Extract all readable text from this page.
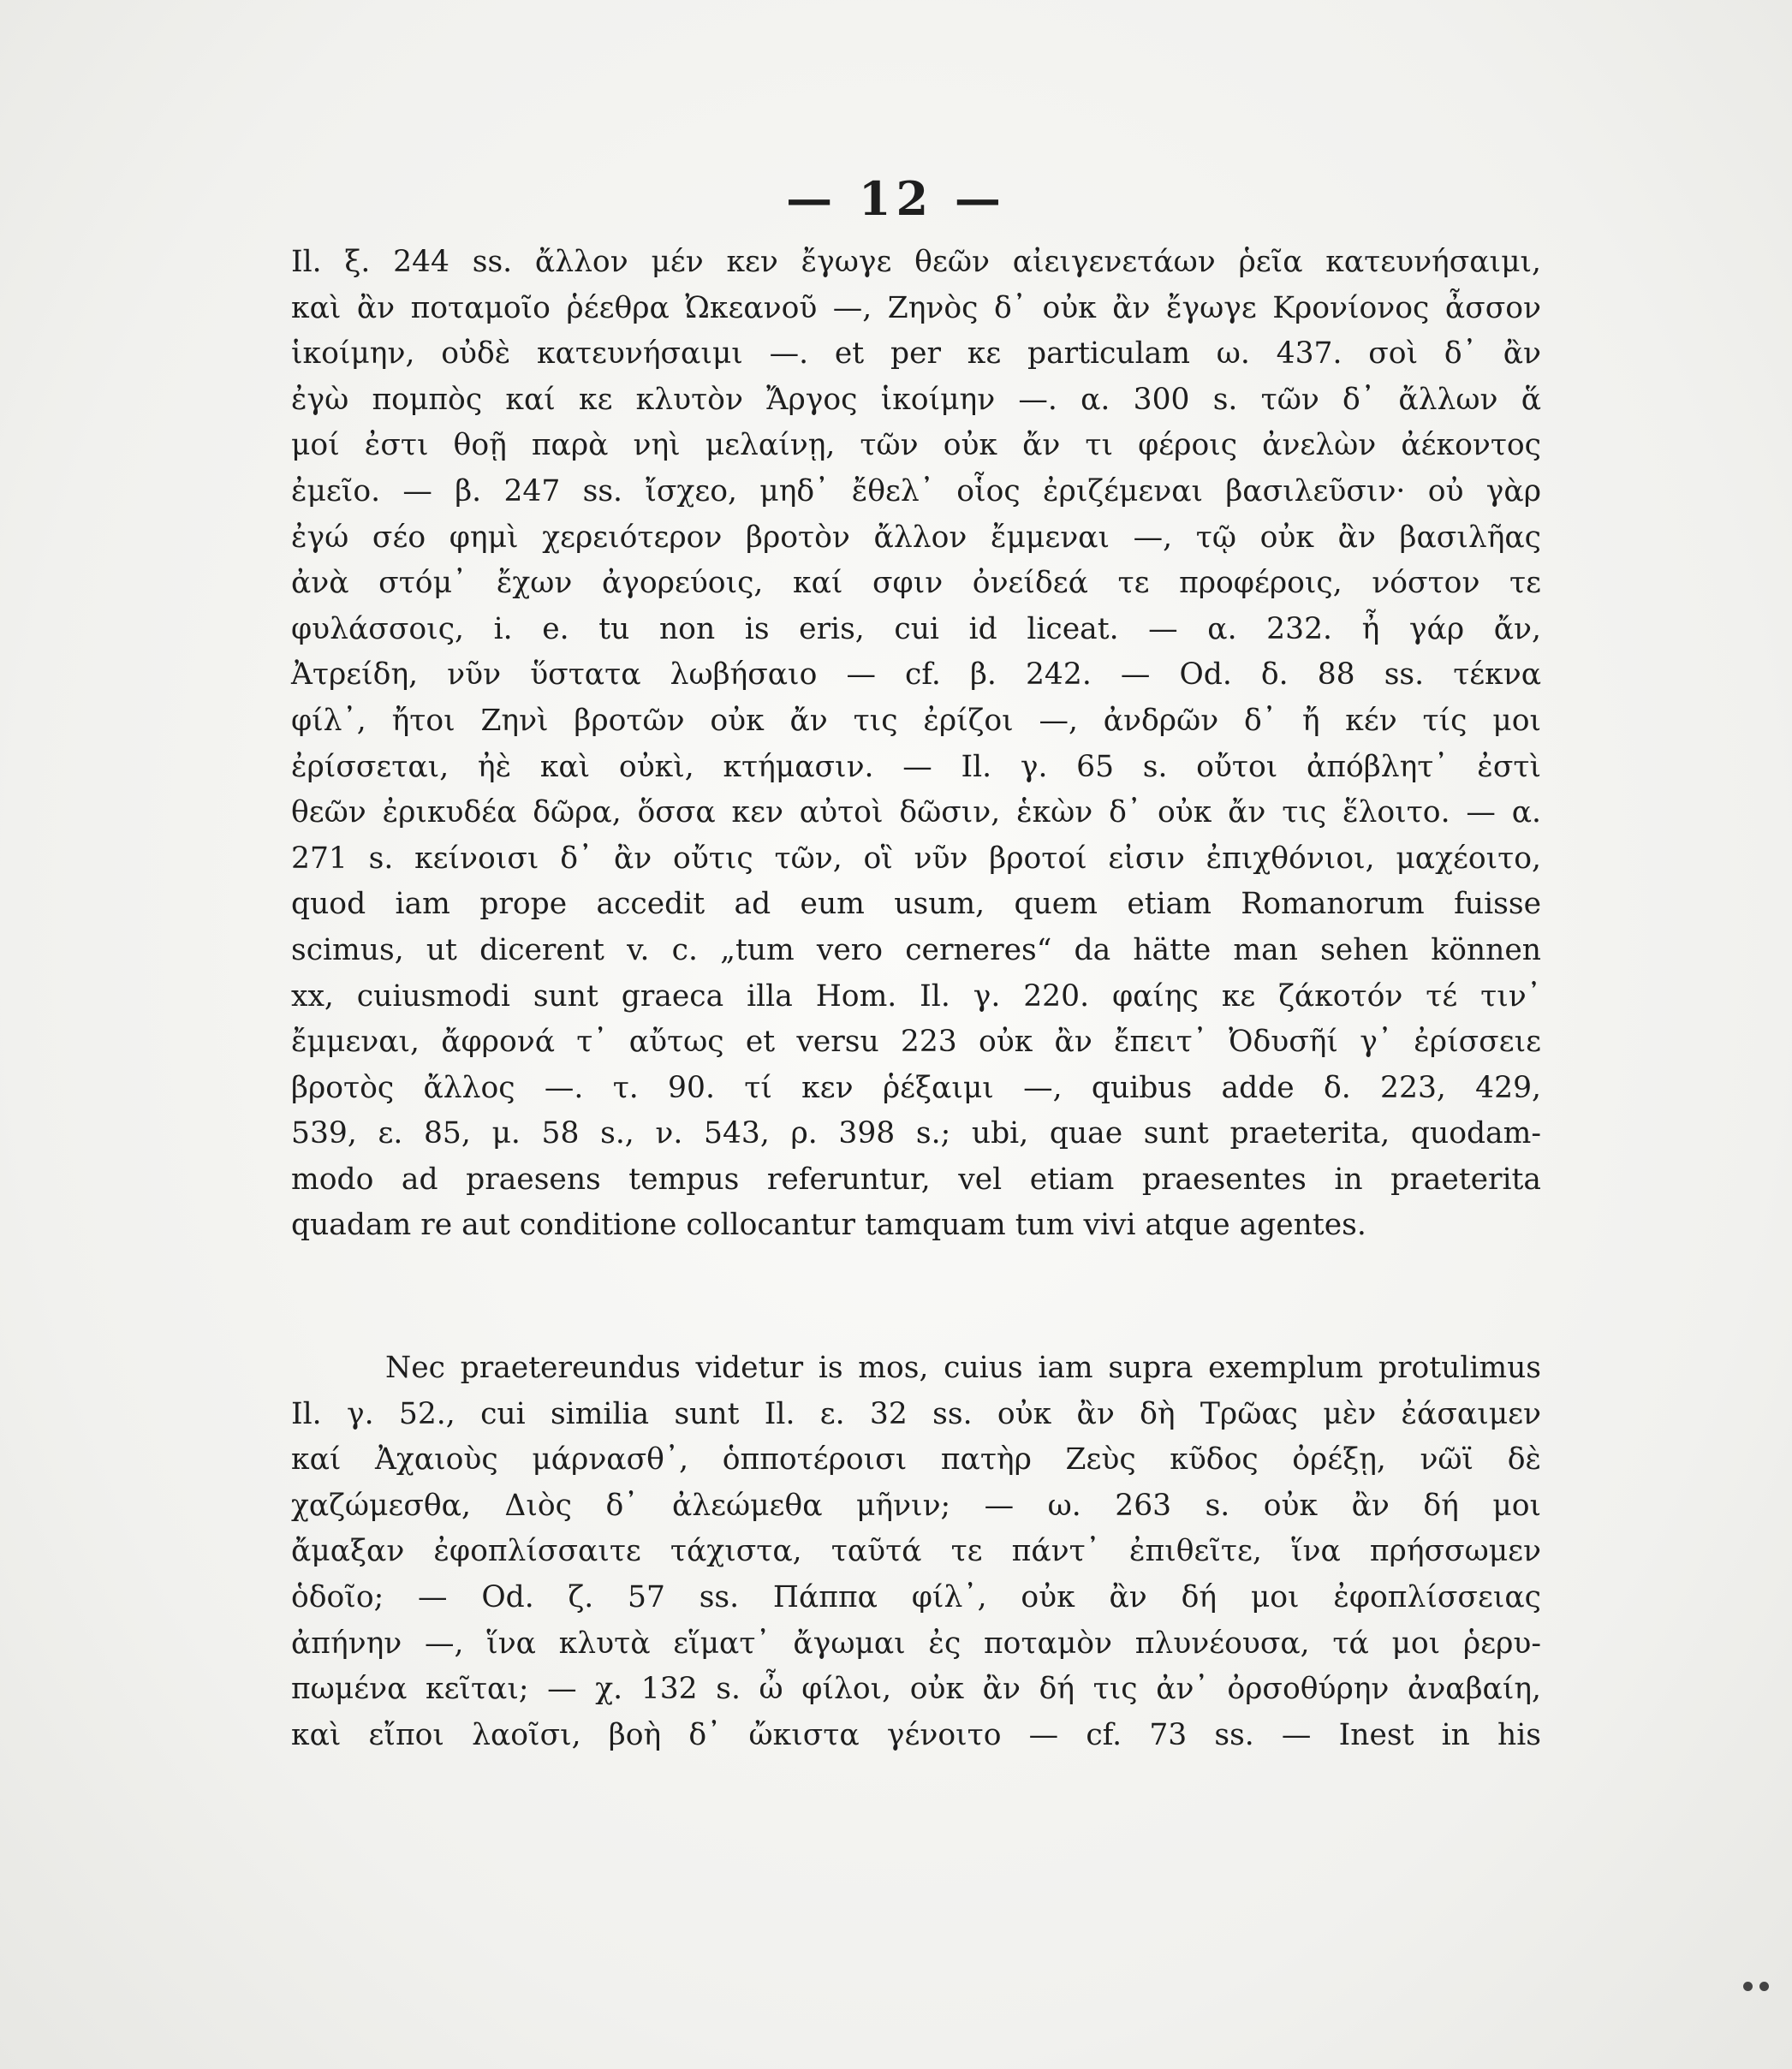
— 12 —
Il. ξ. 244 ss. ἄλλον μέν κεν ἔγωγε θεῶν αἰειγενετάων ῥεῖα κατευνήσαιμι,
καὶ ἂν ποταμοῖο ῥέεθρα Ὠκεανοῦ —, Ζηνὸς δ᾽ οὐκ ἂν ἔγωγε Κρονίονος ἆσσον
ἱκοίμην, οὐδὲ κατευνήσαιμι —. et per κε particulam ω. 437. σοὶ δ᾽ ἂν
ἐγὼ πομπὸς καί κε κλυτὸν Ἄργος ἱκοίμην —. α. 300 s. τῶν δ᾽ ἄλλων ἅ
μοί ἐστι θοῇ παρὰ νηὶ μελαίνῃ, τῶν οὐκ ἄν τι φέροις ἀνελὼν ἀέκοντος
ἐμεῖο. — β. 247 ss. ἴσχεο, μηδ᾽ ἔθελ᾽ οἷος ἐριζέμεναι βασιλεῦσιν· οὐ γὰρ
ἐγώ σέο φημὶ χερειότερον βροτὸν ἄλλον ἔμμεναι —, τῷ οὐκ ἂν βασιλῆας
ἀνὰ στόμ᾽ ἔχων ἀγορεύοις, καί σφιν ὀνείδεά τε προφέροις, νόστον τε
φυλάσσοις, i. e. tu non is eris, cui id liceat. — α. 232. ἦ γάρ ἄν,
Ἀτρείδη, νῦν ὕστατα λωβήσαιο — cf. β. 242. — Od. δ. 88 ss. τέκνα
φίλ᾽, ἤτοι Ζηνὶ βροτῶν οὐκ ἄν τις ἐρίζοι —, ἀνδρῶν δ᾽ ἤ κέν τίς μοι
ἐρίσσεται, ἠὲ καὶ οὐκὶ, κτήμασιν. — Il. γ. 65 s. οὔτοι ἀπόβλητ᾽ ἐστὶ
θεῶν ἐρικυδέα δῶρα, ὅσσα κεν αὐτοὶ δῶσιν, ἑκὼν δ᾽ οὐκ ἄν τις ἕλοιτο. — α.
271 s. κείνοισι δ᾽ ἂν οὔτις τῶν, οἳ νῦν βροτοί εἰσιν ἐπιχθόνιοι, μαχέοιτο,
quod iam prope accedit ad eum usum, quem etiam Romanorum fuisse
scimus, ut dicerent v. c. „tum vero cerneres“ da hätte man sehen können
xx, cuiusmodi sunt graeca illa Hom. Il. γ. 220. φαίης κε ζάκοτόν τέ τιν᾽
ἔμμεναι, ἄφρονά τ᾽ αὔτως et versu 223 οὐκ ἂν ἔπειτ᾽ Ὀδυσῆί γ᾽ ἐρίσσειε
βροτὸς ἄλλος —. τ. 90. τί κεν ῥέξαιμι —, quibus adde δ. 223, 429,
539, ε. 85, μ. 58 s., ν. 543, ρ. 398 s.; ubi, quae sunt praeterita, quodam-
modo ad praesens tempus referuntur, vel etiam praesentes in praeterita
quadam re aut conditione collocantur tamquam tum vivi atque agentes.
Nec praetereundus videtur is mos, cuius iam supra exemplum protulimus
Il. γ. 52., cui similia sunt Il. ε. 32 ss. οὐκ ἂν δὴ Τρῶας μὲν ἐάσαιμεν
καί Ἀχαιοὺς μάρνασθ᾽, ὁπποτέροισι πατὴρ Ζεὺς κῦδος ὀρέξῃ, νῶϊ δὲ
χαζώμεσθα, Διὸς δ᾽ ἀλεώμεθα μῆνιν; — ω. 263 s. οὐκ ἂν δή μοι
ἄμαξαν ἐφοπλίσσαιτε τάχιστα, ταῦτά τε πάντ᾽ ἐπιθεῖτε, ἵνα πρήσσωμεν
ὁδοῖο; — Od. ζ. 57 ss. Πάππα φίλ᾽, οὐκ ἂν δή μοι ἐφοπλίσσειας
ἀπήνην —, ἵνα κλυτὰ εἵματ᾽ ἄγωμαι ἐς ποταμὸν πλυνέουσα, τά μοι ῥερυ-
πωμένα κεῖται; — χ. 132 s. ὦ φίλοι, οὐκ ἂν δή τις ἀν᾽ ὀρσοθύρην ἀναβαίη,
καὶ εἴποι λαοῖσι, βοὴ δ᾽ ὤκιστα γένοιτο — cf. 73 ss. — Inest in his
